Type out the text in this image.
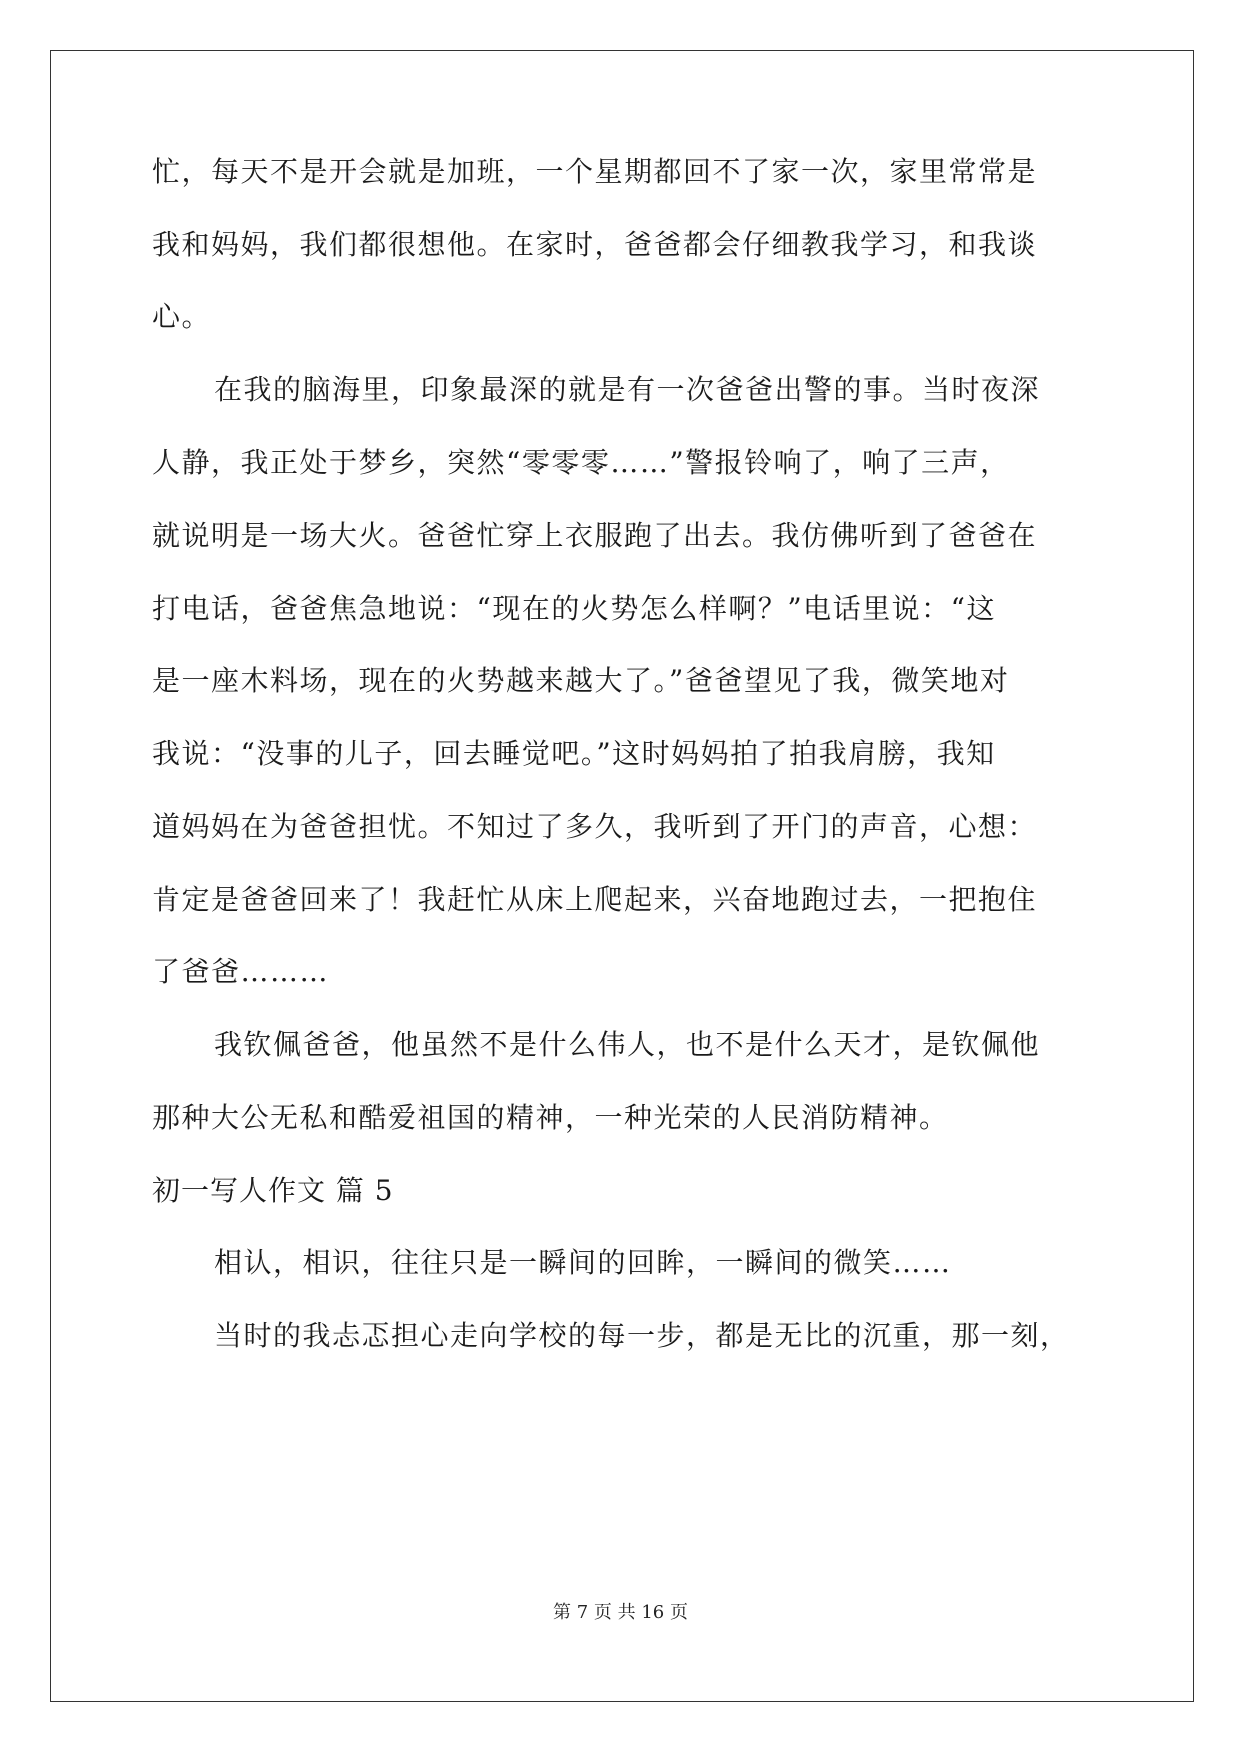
忙，每天不是开会就是加班，一个星期都回不了家一次，家里常常是
我和妈妈，我们都很想他。在家时，爸爸都会仔细教我学习，和我谈
心。
在我的脑海里，印象最深的就是有一次爸爸出警的事。当时夜深
人静，我正处于梦乡，突然“零零零……”警报铃响了，响了三声，
就说明是一场大火。爸爸忙穿上衣服跑了出去。我仿佛听到了爸爸在
打电话，爸爸焦急地说：“现在的火势怎么样啊？”电话里说：“这
是一座木料场，现在的火势越来越大了。”爸爸望见了我，微笑地对
我说：“没事的儿子，回去睡觉吧。”这时妈妈拍了拍我肩膀，我知
道妈妈在为爸爸担忧。不知过了多久，我听到了开门的声音，心想：
肯定是爸爸回来了！我赶忙从床上爬起来，兴奋地跑过去，一把抱住
了爸爸………
我钦佩爸爸，他虽然不是什么伟人，也不是什么天才，是钦佩他
那种大公无私和酷爱祖国的精神，一种光荣的人民消防精神。
初一写人作文 篇 5
相认，相识，往往只是一瞬间的回眸，一瞬间的微笑……
当时的我忐忑担心走向学校的每一步，都是无比的沉重，那一刻，
第 7 页 共 16 页
